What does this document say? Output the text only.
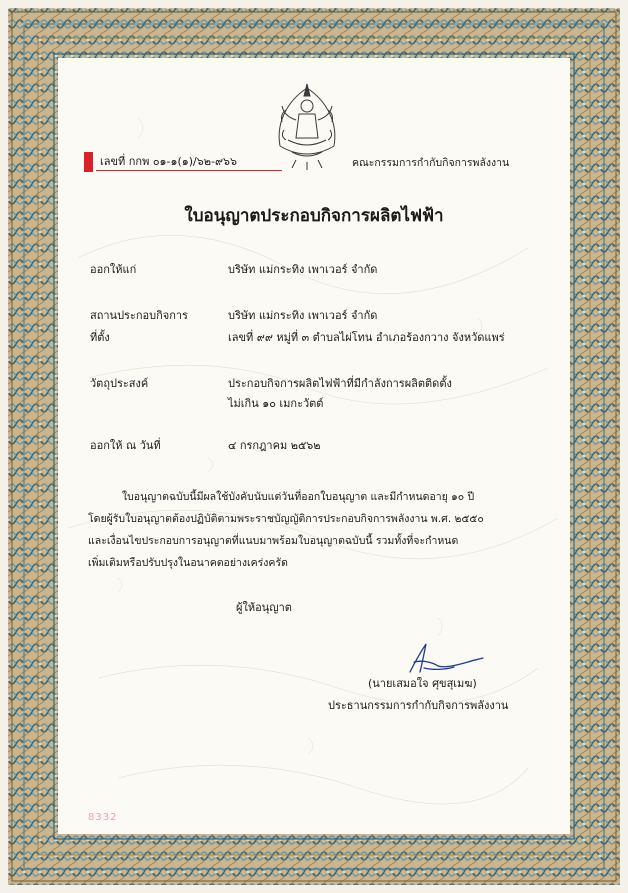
เลขที่ กกพ ๐๑-๑(๑)/๖๒-๙๖๖	คณะกรรมการกำกับกิจการพลังงาน
ใบอนุญาตประกอบกิจการผลิตไฟฟ้า
ออกให้แก่	บริษัท แม่กระทิง เพาเวอร์ จำกัด
สถานประกอบกิจการ	บริษัท แม่กระทิง เพาเวอร์ จำกัด
ที่ตั้ง	เลขที่ ๙๙ หมู่ที่ ๓ ตำบลไผ่โทน อำเภอร้องกวาง จังหวัดแพร่
วัตถุประสงค์	ประกอบกิจการผลิตไฟฟ้าที่มีกำลังการผลิตติดตั้ง
ไม่เกิน ๑๐ เมกะวัตต์
ออกให้ ณ วันที่	๔ กรกฎาคม ๒๕๖๒
ใบอนุญาตฉบับนี้มีผลใช้บังคับนับแต่วันที่ออกใบอนุญาต และมีกำหนดอายุ ๑๐ ปี
โดยผู้รับใบอนุญาตต้องปฏิบัติตามพระราชบัญญัติการประกอบกิจการพลังงาน พ.ศ. ๒๕๕๐
และเงื่อนไขประกอบการอนุญาตที่แนบมาพร้อมใบอนุญาตฉบับนี้ รวมทั้งที่จะกำหนด
เพิ่มเติมหรือปรับปรุงในอนาคตอย่างเคร่งครัด
ผู้ให้อนุญาต
(นายเสมอใจ ศุขสุเมฆ)
ประธานกรรมการกำกับกิจการพลังงาน
8332
